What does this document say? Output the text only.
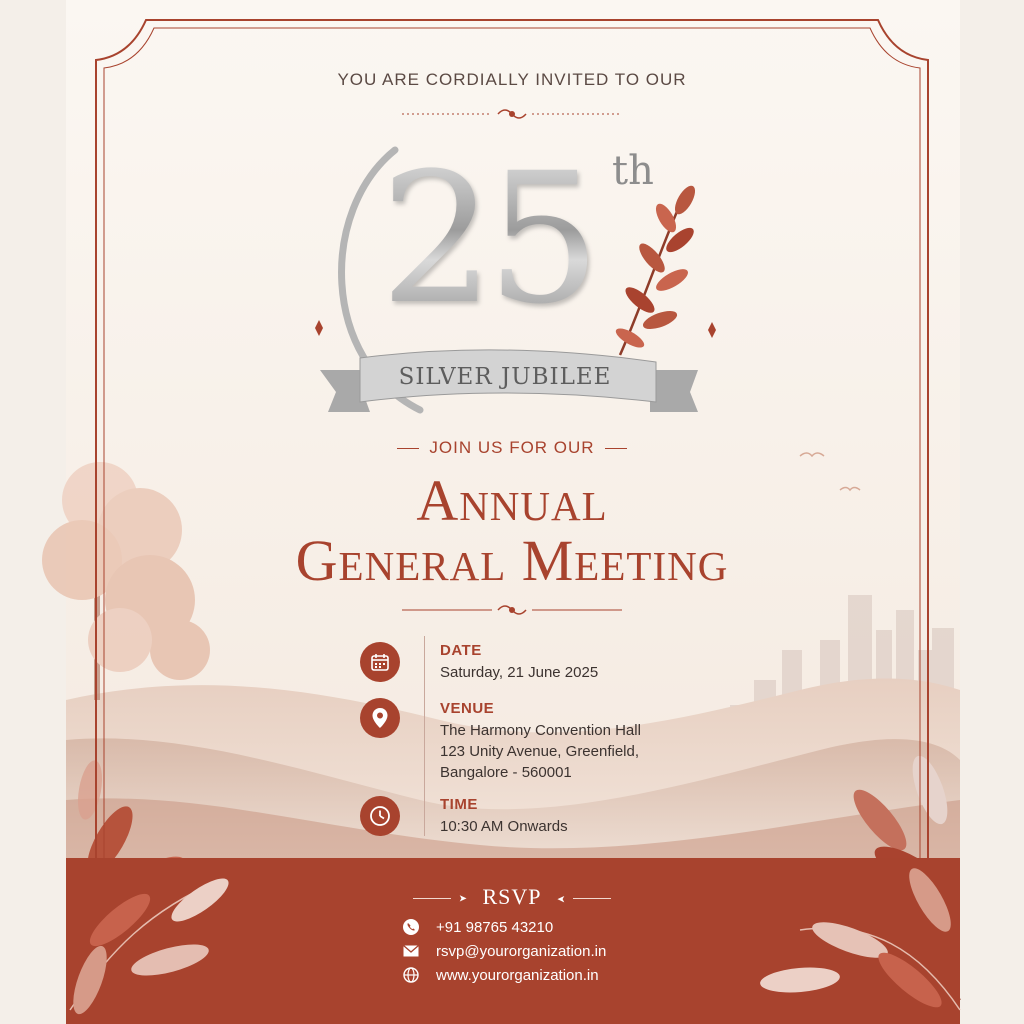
YOU ARE CORDIALLY INVITED TO OUR
25 th
SILVER JUBILEE
JOIN US FOR OUR
Annual
General Meeting
DATE
Saturday, 21 June 2025
VENUE
The Harmony Convention Hall
123 Unity Avenue, Greenfield,
Bangalore - 560001
TIME
10:30 AM Onwards
➤ RSVP ➤
+91 98765 43210
rsvp@yourorganization.in
www.yourorganization.in
